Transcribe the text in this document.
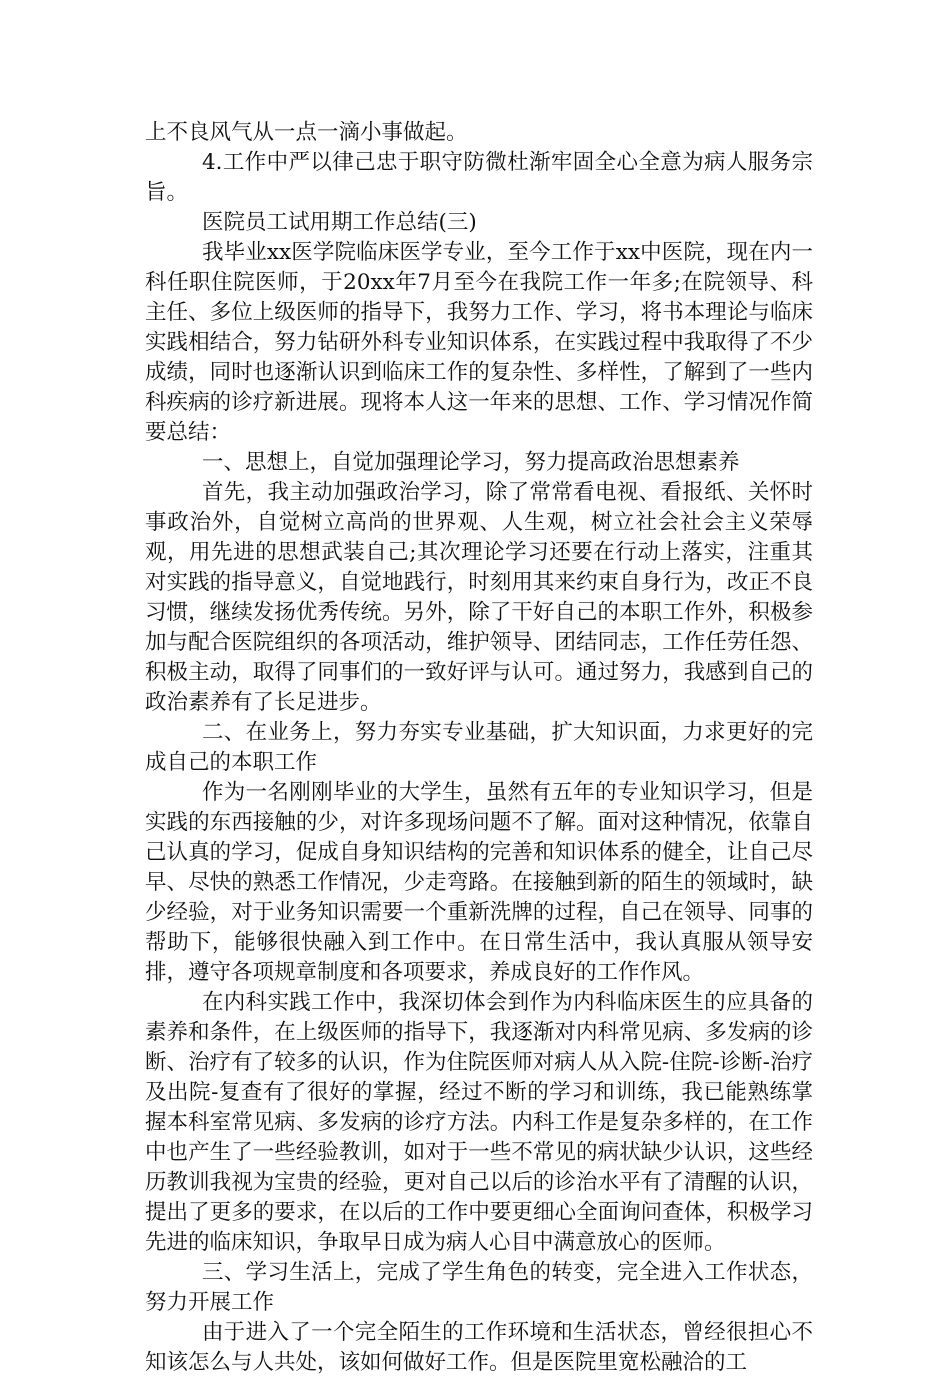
上不良风气从一点一滴小事做起。

4.工作中严以律己忠于职守防微杜渐牢固全心全意为病人服务宗旨。

医院员工试用期工作总结(三)

我毕业xx医学院临床医学专业，至今工作于xx中医院，现在内一科任职住院医师，于20xx年7月至今在我院工作一年多;在院领导、科主任、多位上级医师的指导下，我努力工作、学习，将书本理论与临床实践相结合，努力钻研外科专业知识体系，在实践过程中我取得了不少成绩，同时也逐渐认识到临床工作的复杂性、多样性，了解到了一些内科疾病的诊疗新进展。现将本人这一年来的思想、工作、学习情况作简要总结：

一、思想上，自觉加强理论学习，努力提高政治思想素养

首先，我主动加强政治学习，除了常常看电视、看报纸、关怀时事政治外，自觉树立高尚的世界观、人生观，树立社会社会主义荣辱观，用先进的思想武装自己;其次理论学习还要在行动上落实，注重其对实践的指导意义，自觉地践行，时刻用其来约束自身行为，改正不良习惯，继续发扬优秀传统。另外，除了干好自己的本职工作外，积极参加与配合医院组织的各项活动，维护领导、团结同志，工作任劳任怨、积极主动，取得了同事们的一致好评与认可。通过努力，我感到自己的政治素养有了长足进步。

二、在业务上，努力夯实专业基础，扩大知识面，力求更好的完成自己的本职工作

作为一名刚刚毕业的大学生，虽然有五年的专业知识学习，但是实践的东西接触的少，对许多现场问题不了解。面对这种情况，依靠自己认真的学习，促成自身知识结构的完善和知识体系的健全，让自己尽早、尽快的熟悉工作情况，少走弯路。在接触到新的陌生的领域时，缺少经验，对于业务知识需要一个重新洗牌的过程，自己在领导、同事的帮助下，能够很快融入到工作中。在日常生活中，我认真服从领导安排，遵守各项规章制度和各项要求，养成良好的工作作风。

在内科实践工作中，我深切体会到作为内科临床医生的应具备的素养和条件，在上级医师的指导下，我逐渐对内科常见病、多发病的诊断、治疗有了较多的认识，作为住院医师对病人从入院-住院-诊断-治疗及出院-复查有了很好的掌握，经过不断的学习和训练，我已能熟练掌握本科室常见病、多发病的诊疗方法。内科工作是复杂多样的，在工作中也产生了一些经验教训，如对于一些不常见的病状缺少认识，这些经历教训我视为宝贵的经验，更对自己以后的诊治水平有了清醒的认识，提出了更多的要求，在以后的工作中要更细心全面询问查体，积极学习先进的临床知识，争取早日成为病人心目中满意放心的医师。

三、学习生活上，完成了学生角色的转变，完全进入工作状态，努力开展工作

由于进入了一个完全陌生的工作环境和生活状态，曾经很担心不知该怎么与人共处，该如何做好工作。但是医院里宽松融洽的工
